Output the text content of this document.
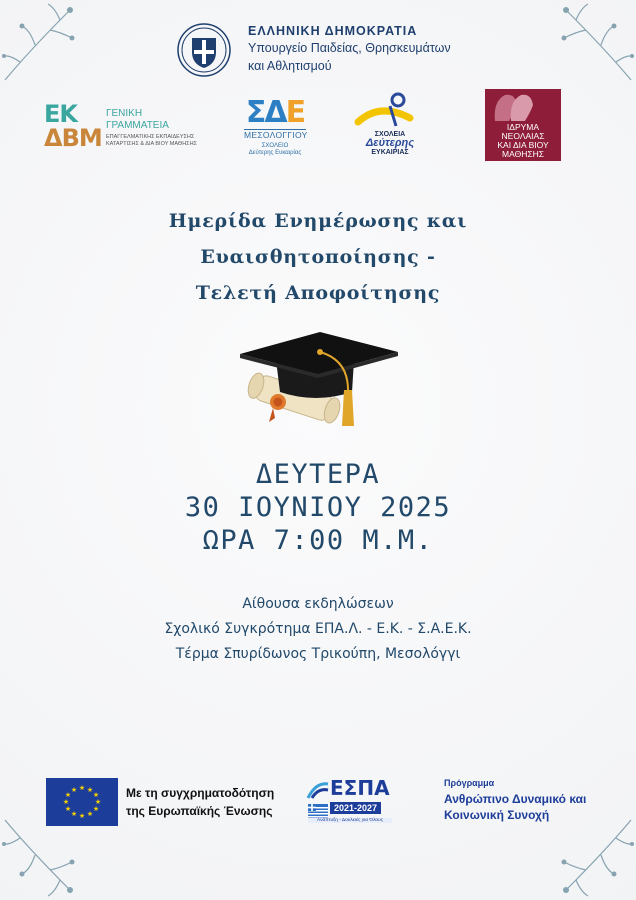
ΕΛΛΗΝΙΚΗ ΔΗΜΟΚΡΑΤΙΑ
Υπουργείο Παιδείας, Θρησκευμάτων
και Αθλητισμού
ΕΚ
ΔΒΜ
ΓΕΝΙΚΗ
ΓΡΑΜΜΑΤΕΙΑ
ΕΠΑΓΓΕΛΜΑΤΙΚΗΣ ΕΚΠΑΙΔΕΥΣΗΣ
ΚΑΤΑΡΤΙΣΗΣ & ΔΙΑ ΒΙΟΥ ΜΑΘΗΣΗΣ
ΣΔΕ
ΜΕΣΟΛΟΓΓΙΟΥ
ΣΧΟΛΕΙΟ
Δεύτερης Ευκαιρίας
ΣΧΟΛΕΙΑ
Δεύτερης
ΕΥΚΑΙΡΙΑΣ
ΙΔΡΥΜΑ
ΝΕΟΛΑΙΑΣ
ΚΑΙ ΔΙΑ ΒΙΟΥ
ΜΑΘΗΣΗΣ
Ημερίδα Ενημέρωσης και
Ευαισθητοποίησης -
Τελετή Αποφοίτησης
ΔΕΥΤΕΡΑ
30 ΙΟΥΝΙΟΥ 2025
ΩΡΑ 7:00 Μ.Μ.
Αίθουσα εκδηλώσεων
Σχολικό Συγκρότημα ΕΠΑ.Λ. - Ε.Κ. - Σ.Α.Ε.Κ.
Τέρμα Σπυρίδωνος Τρικούπη, Μεσολόγγι
★ ★
★
★
★
★
★
★
★
★
★
★	Με τη συγχρηματοδότηση
της Ευρωπαϊκής Ένωσης
ΕΣΠΑ
2021-2027
Ανάπτυξη - Δουλειές για Όλους
Πρόγραμμα
Ανθρώπινο Δυναμικό και
Κοινωνική Συνοχή
